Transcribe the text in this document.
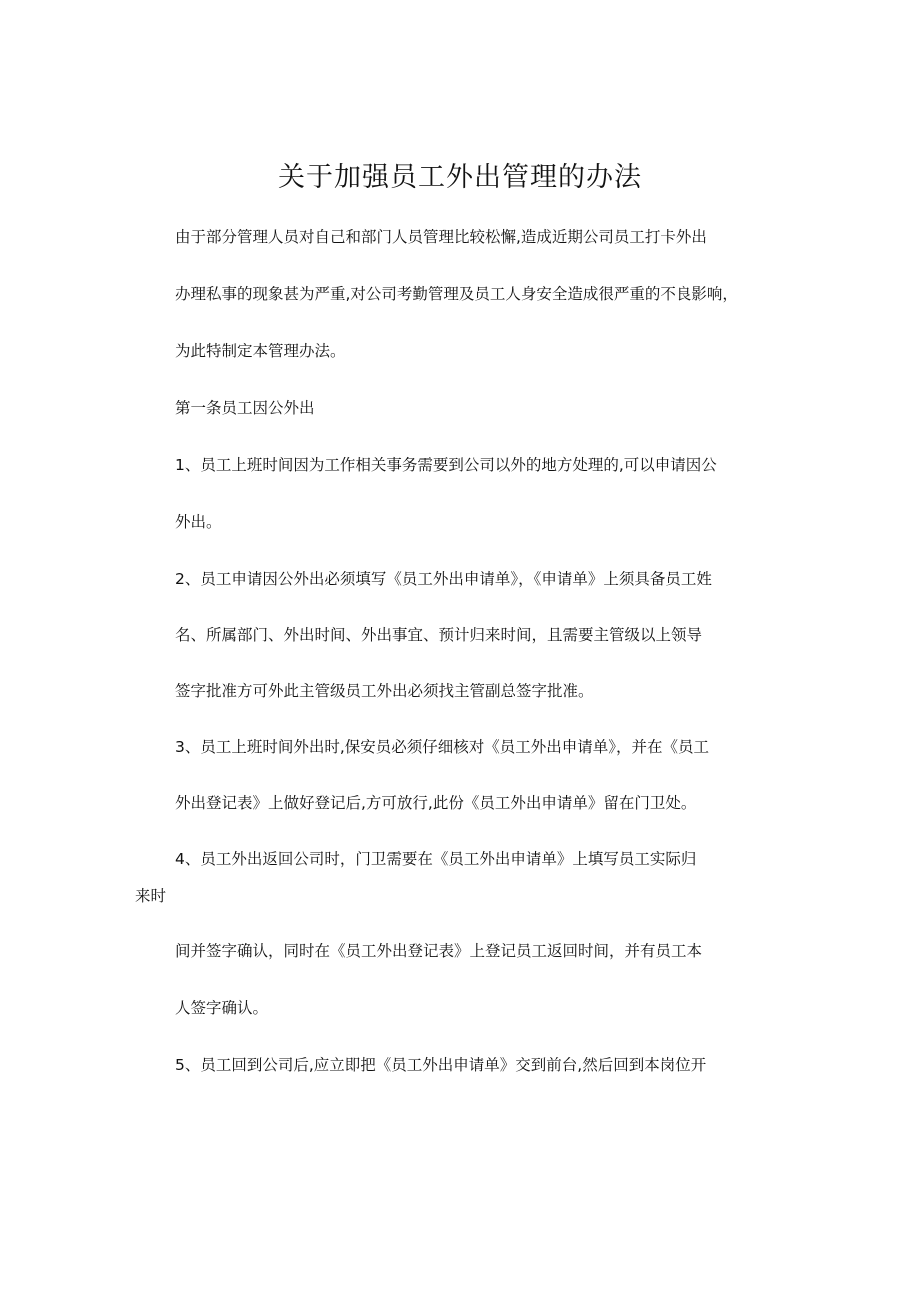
关于加强员工外出管理的办法
由于部分管理人员对自己和部门人员管理比较松懈,造成近期公司员工打卡外出
办理私事的现象甚为严重,对公司考勤管理及员工人身安全造成很严重的不良影响，
为此特制定本管理办法。
第一条员工因公外出
1、员工上班时间因为工作相关事务需要到公司以外的地方处理的,可以申请因公
外出。
2、员工申请因公外出必须填写《员工外出申请单》，《申请单》上须具备员工姓
名、所属部门、外出时间、外出事宜、预计归来时间，且需要主管级以上领导
签字批准方可外此主管级员工外出必须找主管副总签字批准。
3、员工上班时间外出时,保安员必须仔细核对《员工外出申请单》，并在《员工
外出登记表》上做好登记后,方可放行,此份《员工外出申请单》留在门卫处。
4、员工外出返回公司时，门卫需要在《员工外出申请单》上填写员工实际归
来时
间并签字确认，同时在《员工外出登记表》上登记员工返回时间，并有员工本
人签字确认。
5、员工回到公司后,应立即把《员工外出申请单》交到前台,然后回到本岗位开
